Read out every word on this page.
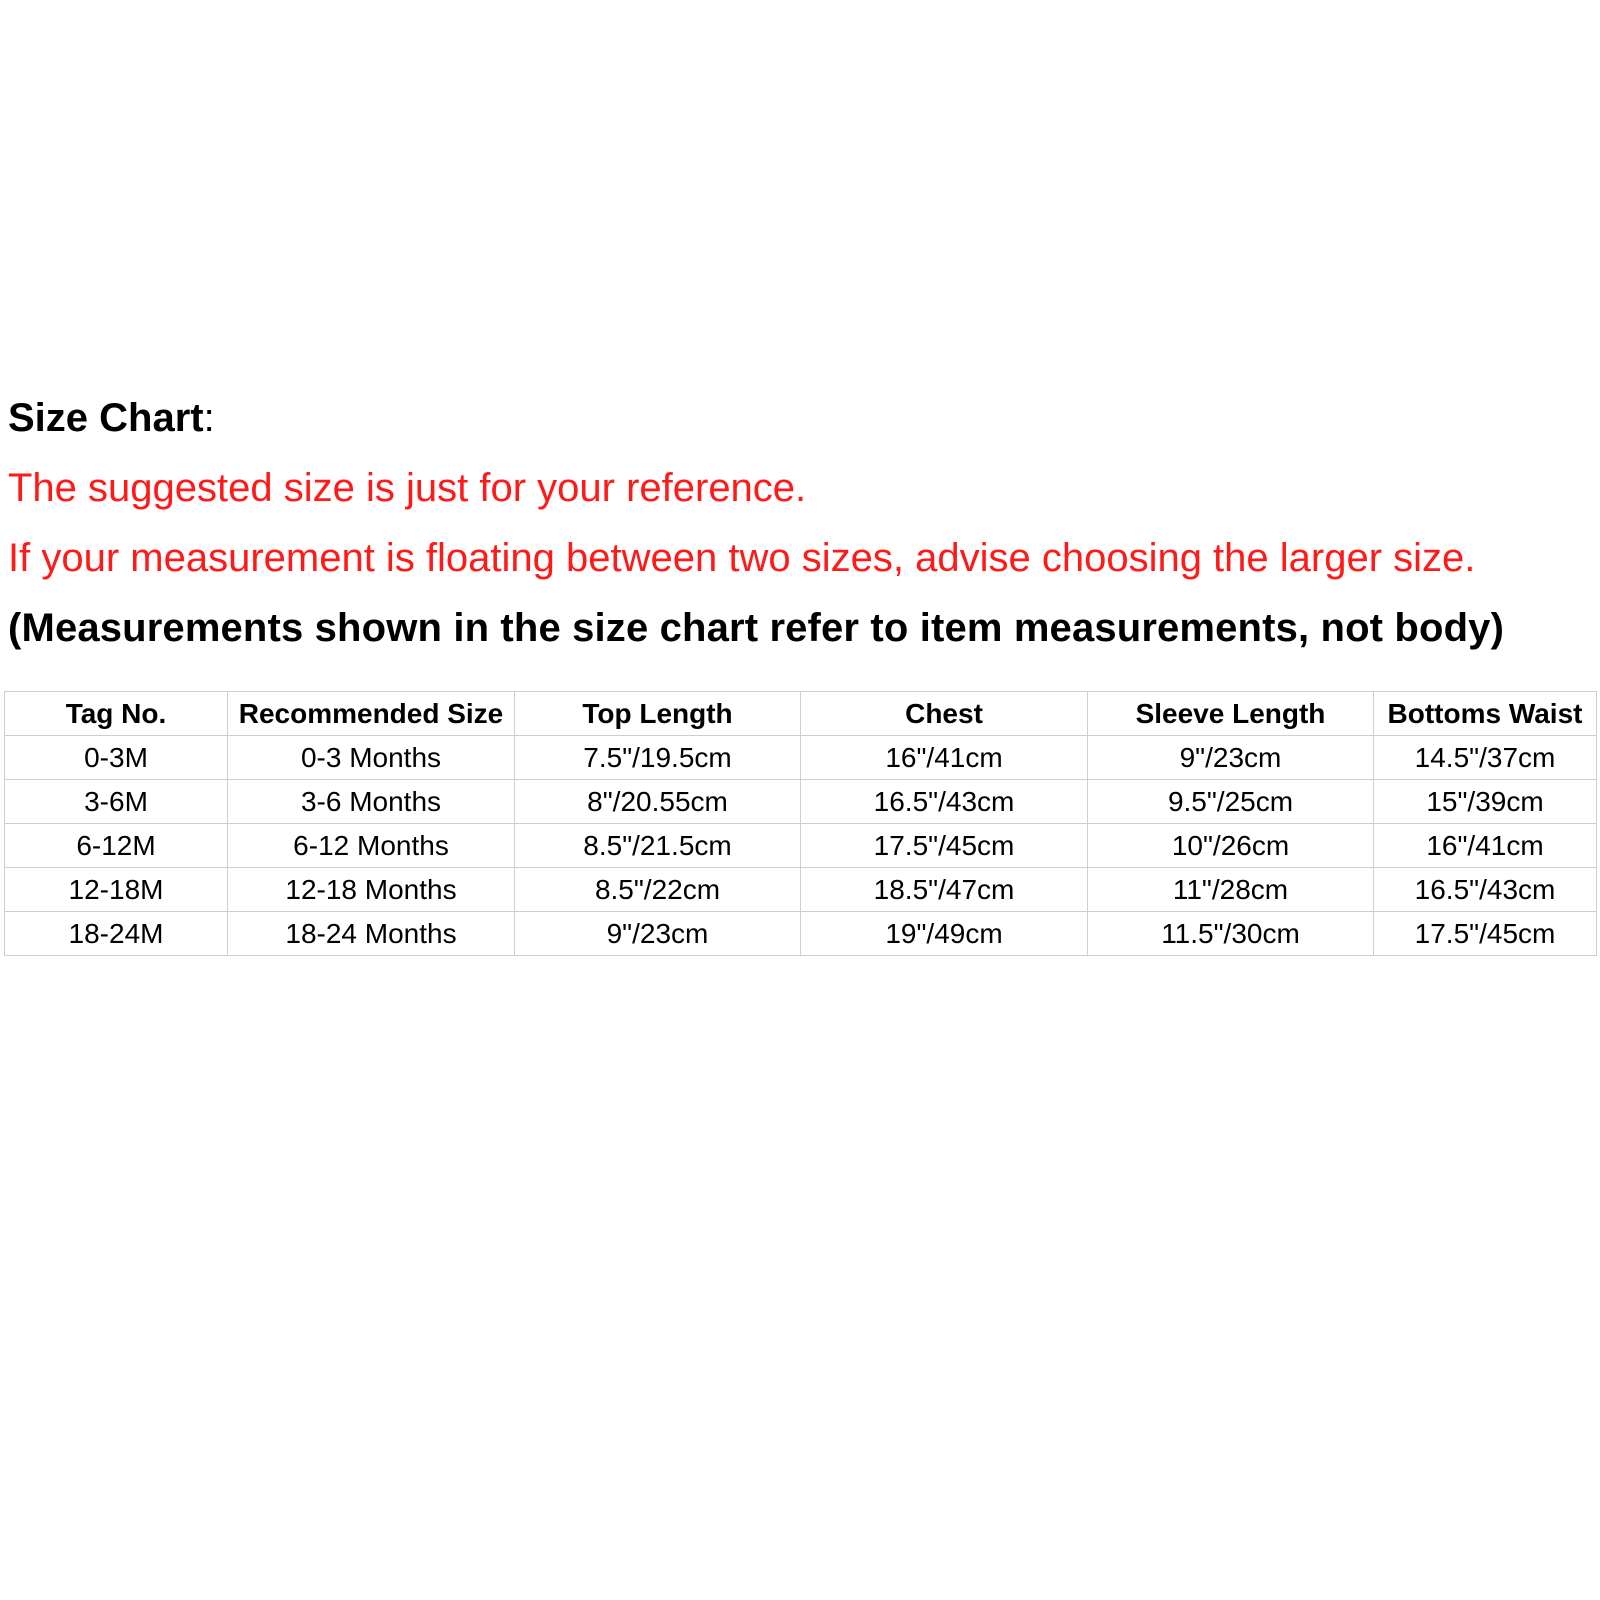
Size Chart:

The suggested size is just for your reference.

If your measurement is floating between two sizes, advise choosing the larger size.

(Measurements shown in the size chart refer to item measurements, not body)

Tag No.	Recommended Size	Top Length	Chest	Sleeve Length	Bottoms Waist
0-3M	0-3 Months	7.5"/19.5cm	16"/41cm	9"/23cm	14.5"/37cm
3-6M	3-6 Months	8"/20.55cm	16.5"/43cm	9.5"/25cm	15"/39cm
6-12M	6-12 Months	8.5"/21.5cm	17.5"/45cm	10"/26cm	16"/41cm
12-18M	12-18 Months	8.5"/22cm	18.5"/47cm	11"/28cm	16.5"/43cm
18-24M	18-24 Months	9"/23cm	19"/49cm	11.5"/30cm	17.5"/45cm
